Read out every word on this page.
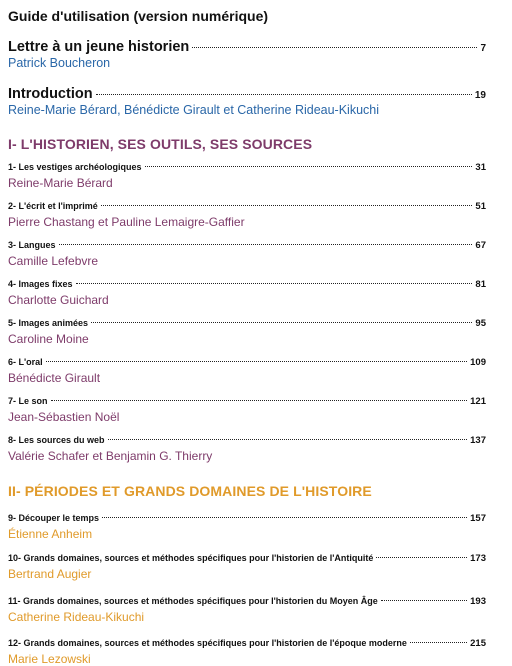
Guide d'utilisation (version numérique)
Lettre à un jeune historien	7
Patrick Boucheron
Introduction	19
Reine-Marie Bérard, Bénédicte Girault et Catherine Rideau-Kikuchi
I- L'HISTORIEN, SES OUTILS, SES SOURCES
1- Les vestiges archéologiques	31
Reine-Marie Bérard
2- L'écrit et l'imprimé	51
Pierre Chastang et Pauline Lemaigre-Gaffier
3- Langues	67
Camille Lefebvre
4- Images fixes	81
Charlotte Guichard
5- Images animées	95
Caroline Moine
6- L'oral	109
Bénédicte Girault
7- Le son	121
Jean-Sébastien Noël
8- Les sources du web	137
Valérie Schafer et Benjamin G. Thierry
II- PÉRIODES ET GRANDS DOMAINES DE L'HISTOIRE
9- Découper le temps	157
Étienne Anheim
10- Grands domaines, sources et méthodes spécifiques pour l'historien de l'Antiquité	173
Bertrand Augier
11- Grands domaines, sources et méthodes spécifiques pour l'historien du Moyen Âge	193
Catherine Rideau-Kikuchi
12- Grands domaines, sources et méthodes spécifiques pour l'historien de l'époque moderne	215
Marie Lezowski
